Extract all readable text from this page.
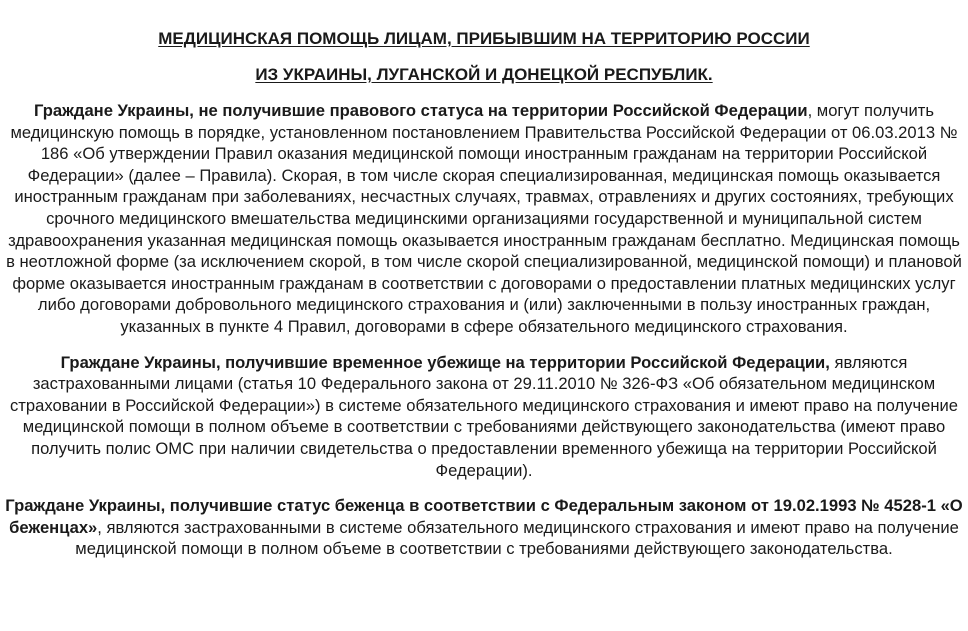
МЕДИЦИНСКАЯ ПОМОЩЬ ЛИЦАМ, ПРИБЫВШИМ НА ТЕРРИТОРИЮ РОССИИ

ИЗ УКРАИНЫ, ЛУГАНСКОЙ И ДОНЕЦКОЙ РЕСПУБЛИК.

Граждане Украины, не получившие правового статуса на территории Российской Федерации, могут получить медицинскую помощь в порядке, установленном постановлением Правительства Российской Федерации от 06.03.2013 № 186 «Об утверждении Правил оказания медицинской помощи иностранным гражданам на территории Российской Федерации» (далее – Правила). Скорая, в том числе скорая специализированная, медицинская помощь оказывается иностранным гражданам при заболеваниях, несчастных случаях, травмах, отравлениях и других состояниях, требующих срочного медицинского вмешательства медицинскими организациями государственной и муниципальной систем здравоохранения указанная медицинская помощь оказывается иностранным гражданам бесплатно. Медицинская помощь в неотложной форме (за исключением скорой, в том числе скорой специализированной, медицинской помощи) и плановой форме оказывается иностранным гражданам в соответствии с договорами о предоставлении платных медицинских услуг либо договорами добровольного медицинского страхования и (или) заключенными в пользу иностранных граждан, указанных в пункте 4 Правил, договорами в сфере обязательного медицинского страхования.

Граждане Украины, получившие временное убежище на территории Российской Федерации, являются застрахованными лицами (статья 10 Федерального закона от 29.11.2010 № 326-ФЗ «Об обязательном медицинском страховании в Российской Федерации») в системе обязательного медицинского страхования и имеют право на получение медицинской помощи в полном объеме в соответствии с требованиями действующего законодательства (имеют право получить полис ОМС при наличии свидетельства о предоставлении временного убежища на территории Российской Федерации).

Граждане Украины, получившие статус беженца в соответствии с Федеральным законом от 19.02.1993 № 4528-1 «О беженцах», являются застрахованными в системе обязательного медицинского страхования и имеют право на получение медицинской помощи в полном объеме в соответствии с требованиями действующего законодательства.
